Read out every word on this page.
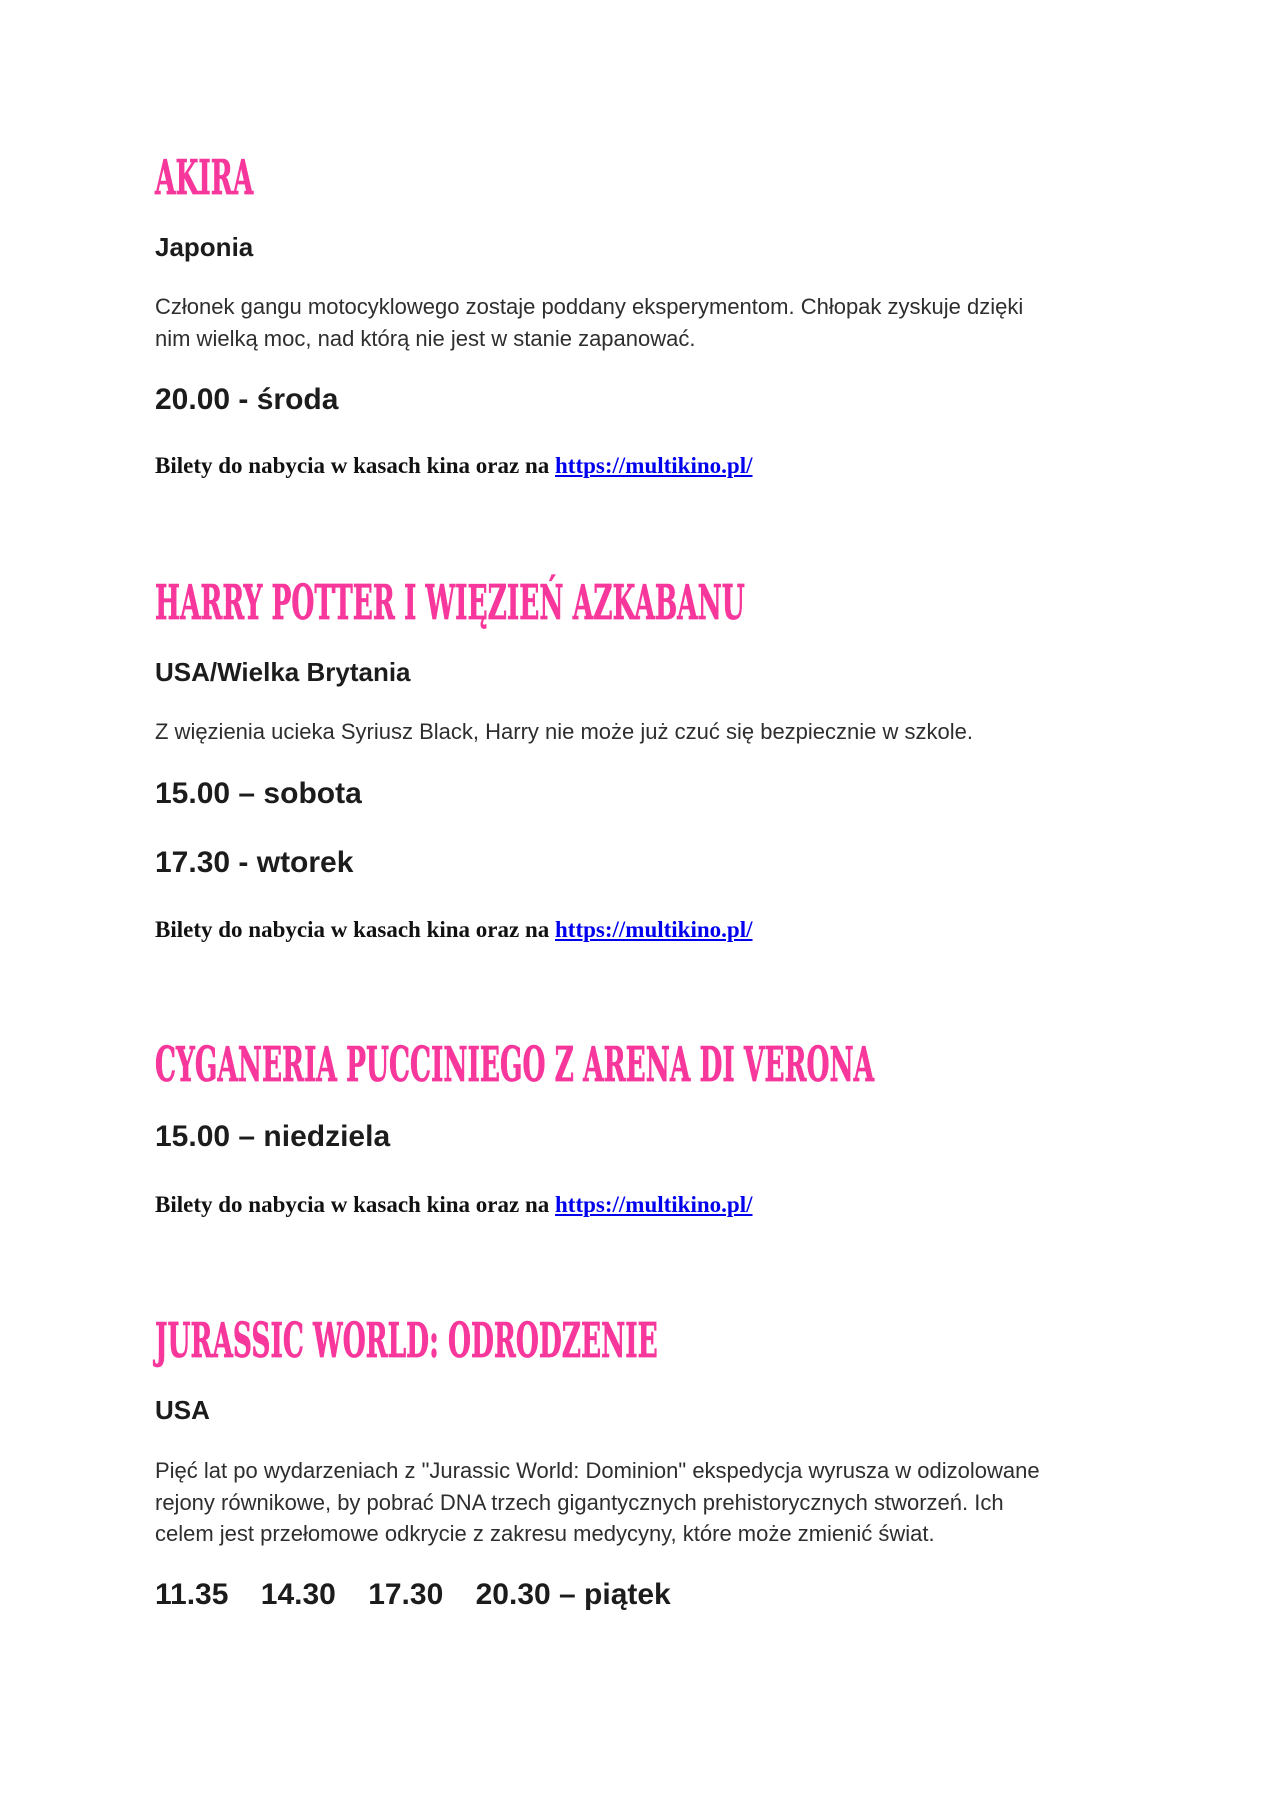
AKIRA
Japonia
Członek gangu motocyklowego zostaje poddany eksperymentom. Chłopak zyskuje dzięki
nim wielką moc, nad którą nie jest w stanie zapanować.
20.00 - środa
Bilety do nabycia w kasach kina oraz na https://multikino.pl/
HARRY POTTER I WIĘZIEŃ AZKABANU
USA/Wielka Brytania
Z więzienia ucieka Syriusz Black, Harry nie może już czuć się bezpiecznie w szkole.
15.00 – sobota
17.30 - wtorek
Bilety do nabycia w kasach kina oraz na https://multikino.pl/
CYGANERIA PUCCINIEGO Z ARENA DI VERONA
15.00 – niedziela
Bilety do nabycia w kasach kina oraz na https://multikino.pl/
JURASSIC WORLD: ODRODZENIE
USA
Pięć lat po wydarzeniach z "Jurassic World: Dominion" ekspedycja wyrusza w odizolowane
rejony równikowe, by pobrać DNA trzech gigantycznych prehistorycznych stworzeń. Ich
celem jest przełomowe odkrycie z zakresu medycyny, które może zmienić świat.
11.35 14.30 17.30 20.30 – piątek
